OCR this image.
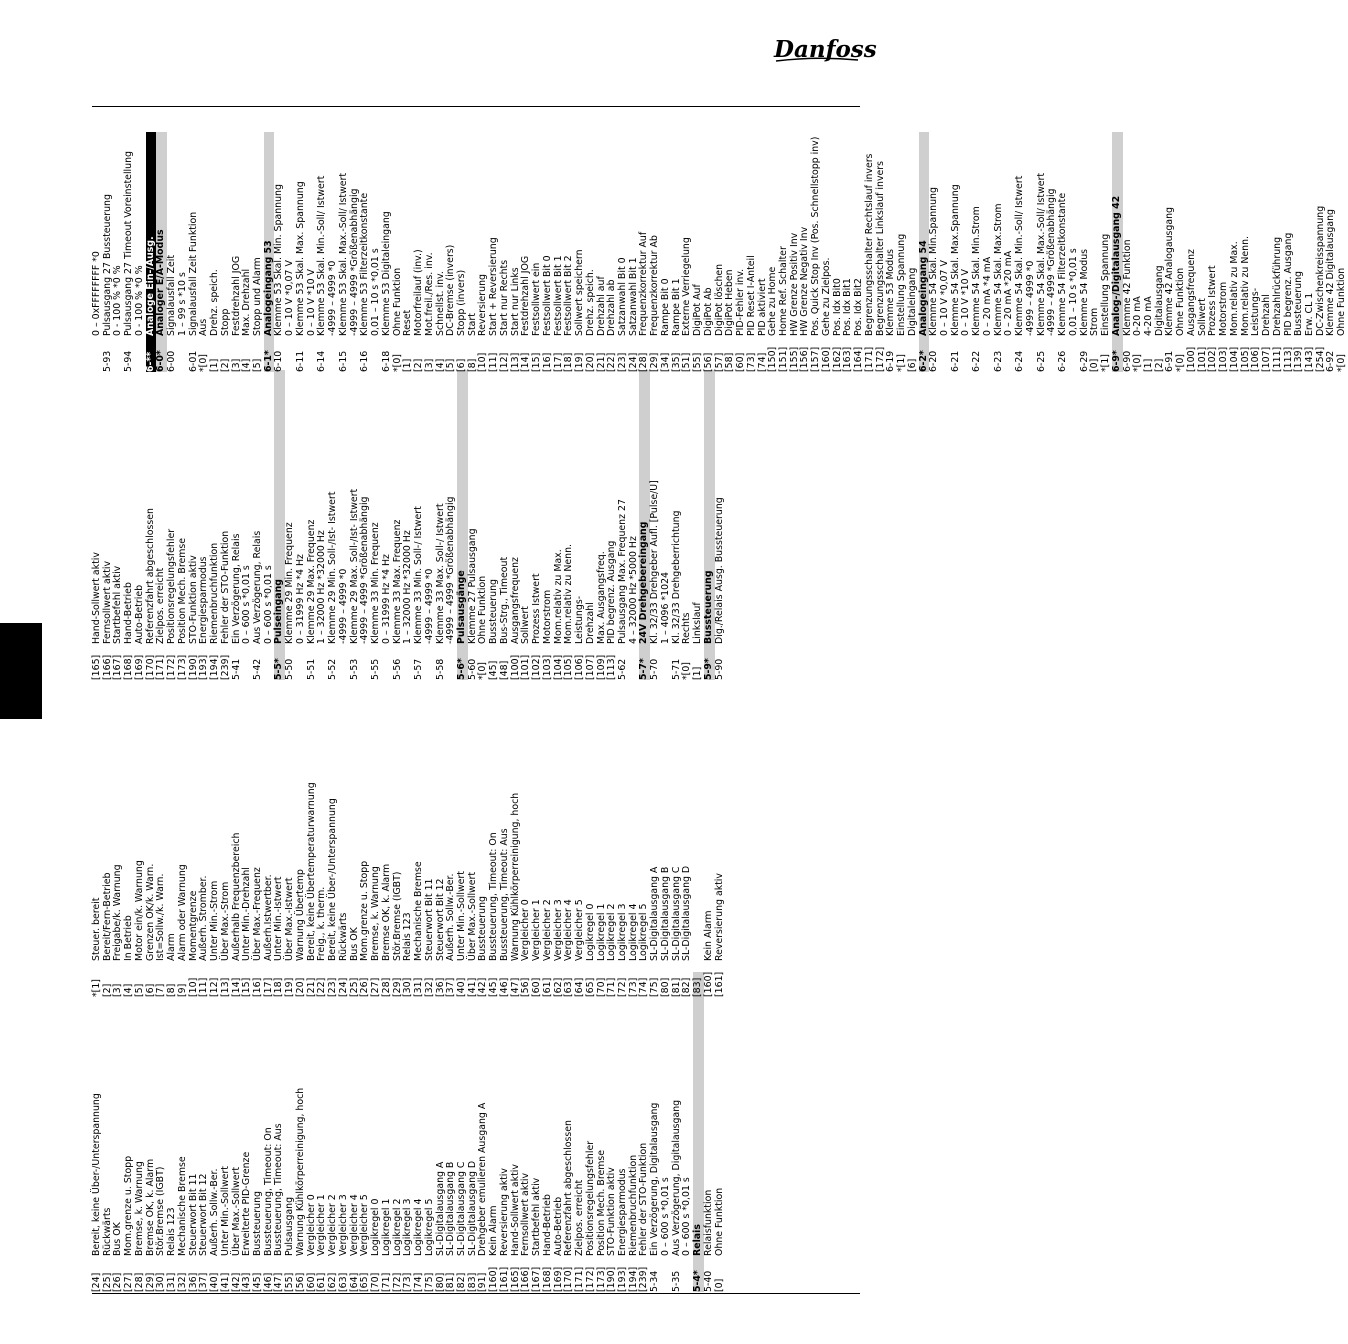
Danfoss
[24]
Bereit, keine Über-/Unterspannung
[25]
Rückwärts
[26]
Bus OK
[27]
Mom.grenze u. Stopp
[28]
Bremse, k. Warnung
[29]
Bremse OK, k. Alarm
[30]
Stör.Bremse (IGBT)
[31]
Relais 123
[32]
Mechanische Bremse
[36]
Steuerwort Bit 11
[37]
Steuerwort Bit 12
[40]
Außerh. Sollw.-Ber.
[41]
Unter Min.-Sollwert
[42]
Über Max.-Sollwert
[43]
Erweiterte PID-Grenze
[45]
Bussteuerung
[46]
Bussteuerung, Timeout: On
[47]
Bussteuerung, Timeout: Aus
[55]
Pulsausgang
[56]
Warnung Kühlkörperreinigung, hoch
[60]
Vergleicher 0
[61]
Vergleicher 1
[62]
Vergleicher 2
[63]
Vergleicher 3
[64]
Vergleicher 4
[65]
Vergleicher 5
[70]
Logikregel 0
[71]
Logikregel 1
[72]
Logikregel 2
[73]
Logikregel 3
[74]
Logikregel 4
[75]
Logikregel 5
[80]
SL-Digitalausgang A
[81]
SL-Digitalausgang B
[82]
SL-Digitalausgang C
[83]
SL-Digitalausgang D
[91]
Drehgeber emulieren Ausgang A
[160]
Kein Alarm
[161]
Reversierung aktiv
[165]
Hand-Sollwert aktiv
[166]
Fernsollwert aktiv
[167]
Startbefehl aktiv
[168]
Hand-Betrieb
[169]
Auto-Betrieb
[170]
Referenzfahrt abgeschlossen
[171]
Zielpos. erreicht
[172]
Positionsregelungsfehler
[173]
Position Mech. Bremse
[190]
STO-Funktion aktiv
[193]
Energiesparmodus
[194]
Riemenbruchfunktion
[239]
Fehler der STO-Funktion
5-34
Ein Verzögerung, Digitalausgang 0 – 600 s *0,01 s
5-35
Aus Verzögerung, Digitalausgang 0 – 600 s *0,01 s
5-4*
Relais
5-40
Relaisfunktion
[0]
Ohne Funktion
*[1]
Steuer. bereit
[2]
Bereit/Fern-Betrieb
[3]
Freigabe/k. Warnung
[4]
In Betrieb
[5]
Motor ein/k. Warnung
[6]
Grenzen OK/k. Warn.
[7]
Ist=Sollw./k. Warn.
[8]
Alarm
[9]
Alarm oder Warnung
[10]
Momentgrenze
[11]
Außerh. Stromber.
[12]
Unter Min.-Strom
[13]
Über Max.-Strom
[14]
Außerhalb Frequenzbereich
[15]
Unter Min.-Drehzahl
[16]
Über Max.-Frequenz
[17]
Außerh.Istwertber.
[18]
Unter Min.-Istwert
[19]
Über Max.-Istwert
[20]
Warnung Übertemp
[21]
Bereit, keine Übertemperaturwarnung
[22]
Freig., k. therm.
[23]
Bereit, keine Über-/Unterspannung
[24]
Rückwärts
[25]
Bus OK
[26]
Mom.grenze u. Stopp
[27]
Bremse, k. Warnung
[28]
Bremse OK, k. Alarm
[29]
Stör.Bremse (IGBT)
[30]
Relais 123
[31]
Mechanische Bremse
[32]
Steuerwort Bit 11
[36]
Steuerwort Bit 12
[37]
Außerh. Sollw.-Ber.
[40]
Unter Min.-Sollwert
[41]
Über Max.-Sollwert
[42]
Bussteuerung
[45]
Bussteuerung, Timeout: On
[46]
Bussteuerung, Timeout: Aus
[47]
Warnung Kühlkörperreinigung, hoch
[56]
Vergleicher 0
[60]
Vergleicher 1
[61]
Vergleicher 2
[62]
Vergleicher 3
[63]
Vergleicher 4
[64]
Vergleicher 5
[65]
Logikregel 0
[70]
Logikregel 1
[71]
Logikregel 2
[72]
Logikregel 3
[73]
Logikregel 4
[74]
Logikregel 5
[75]
SL-Digitalausgang A
[80]
SL-Digitalausgang B
[81]
SL-Digitalausgang C
[82]
SL-Digitalausgang D
[83] [160]
Kein Alarm
[161]
Reversierung aktiv
[165]
Hand-Sollwert aktiv
[166]
Fernsollwert aktiv
[167]
Startbefehl aktiv
[168]
Hand-Betrieb
[169]
Auto-Betrieb
[170]
Referenzfahrt abgeschlossen
[171]
Zielpos. erreicht
[172]
Positionsregelungsfehler
[173]
Position Mech. Bremse
[190]
STO-Funktion aktiv
[193]
Energiesparmodus
[194]
Riemenbruchfunktion
[239]
Fehler der STO-Funktion
5-41
Ein Verzögerung, Relais 0 – 600 s *0,01 s
5-42
Aus Verzögerung, Relais 0 – 600 s *0,01 s
5-5*
Pulseingang
5-50
Klemme 29 Min. Frequenz 0 – 31999 Hz *4 Hz
5-51
Klemme 29 Max. Frequenz 1 – 32000 Hz *32000 Hz
5-52
Klemme 29 Min. Soll-/Ist- Istwert -4999 – 4999 *0
5-53
Klemme 29 Max. Soll-/Ist- Istwert -4999 – 4999 *Größenabhängig
5-55
Klemme 33 Min. Frequenz 0 – 31999 Hz *4 Hz
5-56
Klemme 33 Max. Frequenz 1 – 32000 Hz *32000 Hz
5-57
Klemme 33 Min. Soll-/ Istwert -4999 – 4999 *0
5-58
Klemme 33 Max. Soll-/ Istwert -4999 – 4999 *Größenabhängig
5-6*
Pulsausgänge
5-60
Klemme 27 Pulsausgang
*[0]
Ohne Funktion
[45]
Bussteuerung
[48]
Bus-Strg., Timeout
[100]
Ausgangsfrequenz
[101]
Sollwert
[102]
Prozess Istwert
[103]
Motorstrom
[104]
Mom.relativ zu Max.
[105]
Mom.relativ zu Nenn.
[106]
Leistungs-
[107]
Drehzahl
[109]
Max. Ausgangsfreq.
[113]
PID begrenz. Ausgang
5-62
Pulsausgang Max. Frequenz 27 4 – 32000 Hz *5000 Hz
5-7*
24V Drehgebereingang
5-70
Kl. 32/33 Drehgeber Aufl. [Pulse/U] 1 – 4096 *1024
5-71
Kl. 32/33 Drehgeberrichtung
*[0]
Rechts
[1]
Linkslauf
5-9*
Bussteuerung
5-90
Dig./Relais Ausg. Bussteuerung
0 – 0xFFFFFFFF *0
5-93
Pulsausgang 27 Bussteuerung 0 - 100 % *0 %
5-94
Pulsausgang 27 Timeout Voreinstellung 0 - 100 % *0 %
6-**
Analoge Ein-/Ausg.
6-0*
Analoger E/A-Modus
6-00
Signalausfall Zeit 1 – 99 s *10 s
6-01
Signalausfall Zeit Funktion
*[0]
Aus
[1]
Drehz. speich.
[2]
Stopp
[3]
Festdrehzahl JOG
[4]
Max. Drehzahl
[5]
Stopp und Alarm
6-1*
Analogeingang 53
6-10
Klemme 53 Skal. Min. Spannung 0 – 10 V *0,07 V
6-11
Klemme 53 Skal. Max. Spannung 0 – 10 V *10 V
6-14
Klemme 53 Skal. Min.-Soll/ Istwert -4999 – 4999 *0
6-15
Klemme 53 Skal. Max.-Soll/ Istwert -4999 – 4999 *Größenabhängig
6-16
Klemme 53 Filterzeitkonstante 0,01 – 10 s *0,01 s
6-18
Klemme 53 Digitaleingang
*[0]
Ohne Funktion
[1]
Reset
[2]
Motorfreilauf (inv.)
[3]
Mot.freil./Res. inv.
[4]
Schnellst. inv.
[5]
DC-Bremse (invers)
[6]
Stopp (invers)
[8]
Start
[10]
Reversierung
[11]
Start + Reversierung
[12]
Start nur Rechts
[13]
Start nur Links
[14]
Festdrehzahl JOG
[15]
Festsollwert ein
[16]
Festsollwert Bit 0
[17]
Festsollwert Bit 1
[18]
Festsollwert Bit 2
[19]
Sollwert speichern
[20]
Drehz. speich.
[21]
Drehzahl auf
[22]
Drehzahl ab
[23]
Satzanwahl Bit 0
[24]
Satzanwahl Bit 1
[28]
Frequenzkorrektur Auf
[29]
Frequenzkorrektur Ab
[34]
Rampe Bit 0
[35]
Rampe Bit 1
[51]
Externe Verriegelung
[55]
DigiPot Auf
[56]
DigiPot Ab
[57]
DigiPot löschen
[58]
DigiPot Heben
[60]
PID-Fehler inv.
[73]
PID Reset I-Anteil
[74]
PID aktiviert
[150]
Gehe zu Home
[151]
Home Ref. Schalter
[155]
HW Grenze Positiv Inv
[156]
HW Grenze Negativ Inv
[157]
Pos. Quick Stop Inv (Pos. Schnellstopp inv)
[160]
Gehe zu Zielpos.
[162]
Pos. Idx Bit0
[163]
Pos. Idx Bit1
[164]
Pos. Idx Bit2
[171]
Begrenzungsschalter Rechtslauf invers
[172]
Begrenzungsschalter Linkslauf invers
6-19
Klemme 53 Modus
*[1]
Einstellung Spannung
[6]
Digitaleingang
6-2*
Analogeingang 54
6-20
Klemme 54 Skal. Min.Spannung 0 – 10 V *0,07 V
6-21
Klemme 54 Skal. Max.Spannung 0 – 10 V *10 V
6-22
Klemme 54 Skal. Min.Strom 0 – 20 mA *4 mA
6-23
Klemme 54 Skal. Max.Strom 0 – 20 mA *20 mA
6-24
Klemme 54 Skal. Min.-Soll/ Istwert -4999 – 4999 *0
6-25
Klemme 54 Skal. Max.-Soll/ Istwert -4999 – 4999 *Größenabhängig
6-26
Klemme 54 Filterzeitkonstante 0,01 – 10 s *0,01 s
6-29
Klemme 54 Modus
[0]
Strom
*[1]
Einstellung Spannung
6-9*
Analog-/Digitalausgang 42
6-90
Klemme 42 Funktion
*[0]
0-20 mA
[1]
4-20 mA
[2]
Digitalausgang
6-91
Klemme 42 Analogausgang
*[0]
Ohne Funktion
[100]
Ausgangsfrequenz
[101]
Sollwert
[102]
Prozess Istwert
[103]
Motorstrom
[104]
Mom.relativ zu Max.
[105]
Mom.relativ zu Nenn.
[106]
Leistungs-
[107]
Drehzahl
[111]
Drehzahlrückführung
[113]
PID begrenz. Ausgang
[139]
Bussteuerung
[143]
Erw. CL 1
[254]
DC-Zwischenkreisspannung
6-92
Klemme 42 Digitalausgang
*[0]
Ohne Funktion
